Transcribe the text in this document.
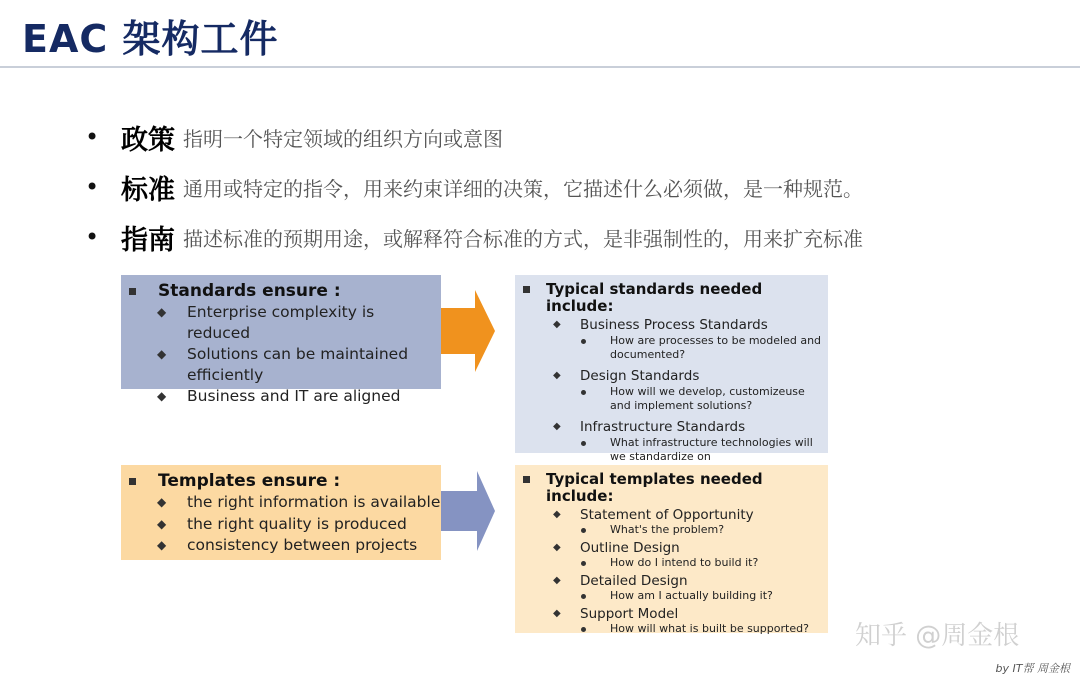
EAC 架构工件
• 政策 指明一个特定领域的组织方向或意图
• 标准 通用或特定的指令，用来约束详细的决策，它描述什么必须做，是一种规范。
• 指南 描述标准的预期用途，或解释符合标准的方式，是非强制性的，用来扩充标准
Standards ensure :
◆	Enterprise complexity is reduced
◆	Solutions can be maintained efficiently
◆	Business and IT are aligned
Templates ensure :
◆	the right information is available
◆	the right quality is produced
◆	consistency between projects
Typical standards needed include:
◆	Business Process Standards
How are processes to be modeled and documented?
◆	Design Standards
How will we develop, customizeuse and implement solutions?
◆	Infrastructure Standards
What infrastructure technologies will we standardize on
Typical templates needed include:
◆	Statement of Opportunity
What's the problem?
◆	Outline Design
How do I intend to build it?
◆	Detailed Design
How am I actually building it?
◆	Support Model
How will what is built be supported? 知乎 @周金根
by IT帮 周金根
